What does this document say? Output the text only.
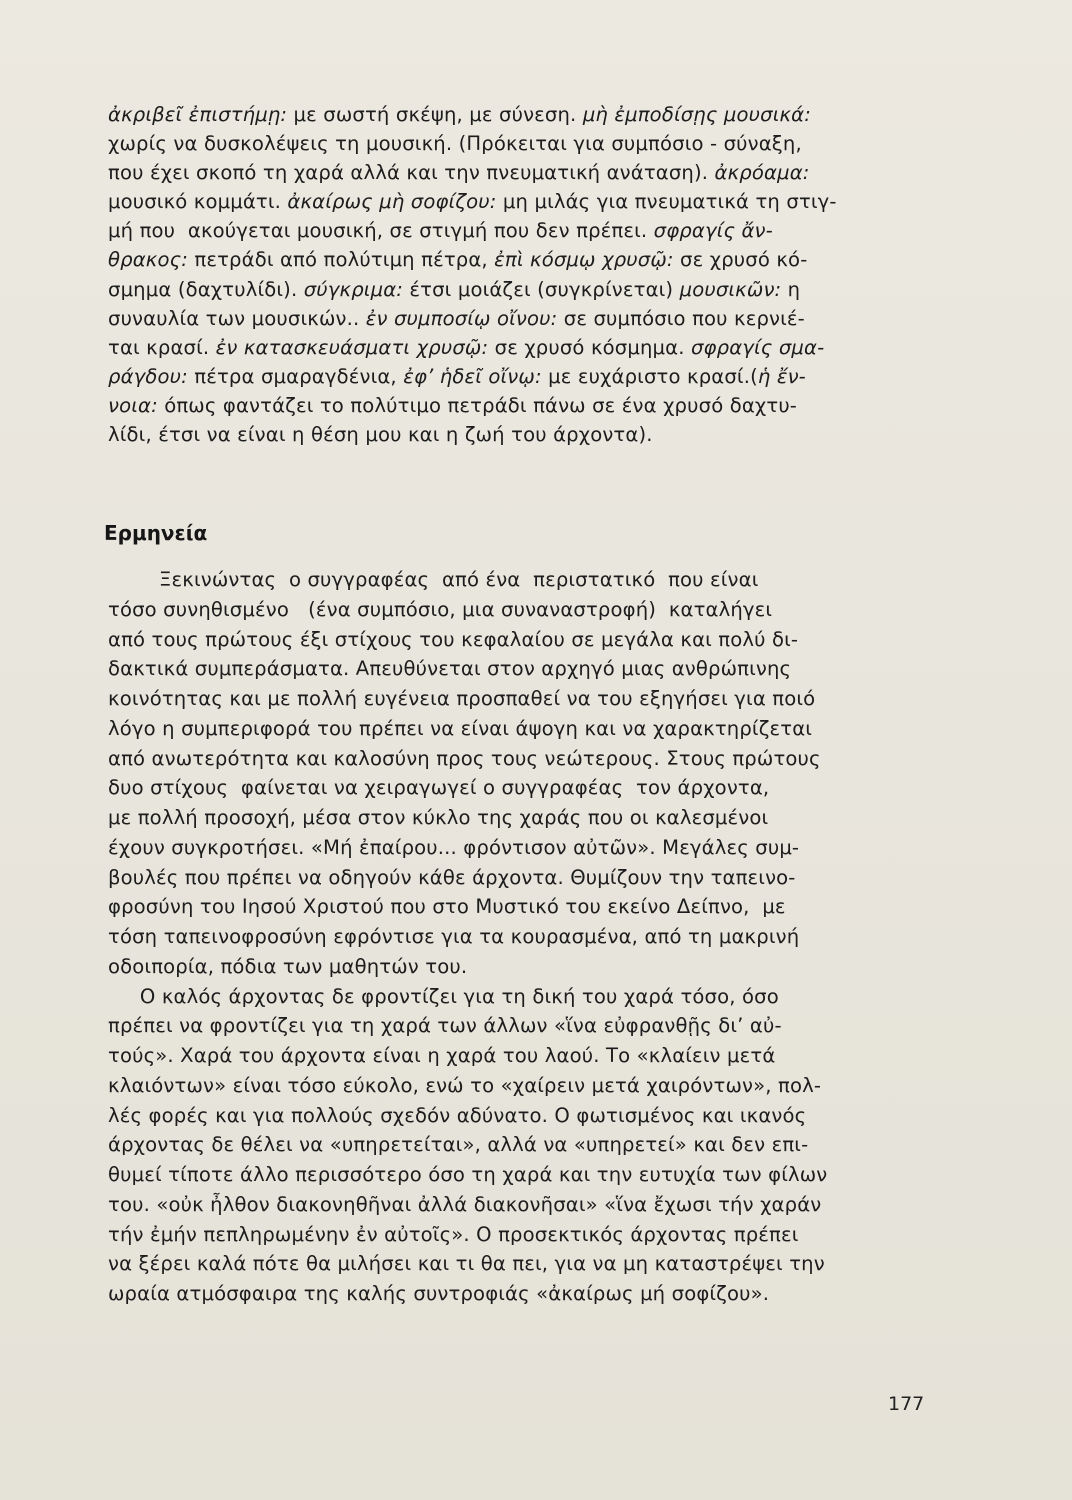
ἀκριβεῖ ἐπιστήμῃ: με σωστή σκέψη, με σύνεση. μὴ ἐμποδίσῃς μουσικά:
χωρίς να δυσκολέψεις τη μουσική. (Πρόκειται για συμπόσιο - σύναξη,
που έχει σκοπό τη χαρά αλλά και την πνευματική ανάταση). ἀκρόαμα:
μουσικό κομμάτι. ἀκαίρως μὴ σοφίζου: μη μιλάς για πνευματικά τη στιγ-
μή που  ακούγεται μουσική, σε στιγμή που δεν πρέπει. σφραγίς ἄν-
θρακος: πετράδι από πολύτιμη πέτρα, ἐπὶ κόσμῳ χρυσῷ: σε χρυσό κό-
σμημα (δαχτυλίδι). σύγκριμα: έτσι μοιάζει (συγκρίνεται) μουσικῶν: η
συναυλία των μουσικών.. ἐν συμποσίῳ οἴνου: σε συμπόσιο που κερνιέ-
ται κρασί. ἐν κατασκευάσματι χρυσῷ: σε χρυσό κόσμημα. σφραγίς σμα-
ράγδου: πέτρα σμαραγδένια, ἐφ’ ἡδεῖ οἴνῳ: με ευχάριστο κρασί.(ἡ ἔν-
νοια: όπως φαντάζει το πολύτιμο πετράδι πάνω σε ένα χρυσό δαχτυ-
λίδι, έτσι να είναι η θέση μου και η ζωή του άρχοντα).
Ερμηνεία
Ξεκινώντας  ο συγγραφέας  από ένα  περιστατικό  που είναι
τόσο συνηθισμένο   (ένα συμπόσιο, μια συναναστροφή)  καταλήγει
από τους πρώτους έξι στίχους του κεφαλαίου σε μεγάλα και πολύ δι-
δακτικά συμπεράσματα. Απευθύνεται στον αρχηγό μιας ανθρώπινης
κοινότητας και με πολλή ευγένεια προσπαθεί να του εξηγήσει για ποιό
λόγο η συμπεριφορά του πρέπει να είναι άψογη και να χαρακτηρίζεται
από ανωτερότητα και καλοσύνη προς τους νεώτερους. Στους πρώτους
δυο στίχους  φαίνεται να χειραγωγεί ο συγγραφέας  τον άρχοντα,
με πολλή προσοχή, μέσα στον κύκλο της χαράς που οι καλεσμένοι
έχουν συγκροτήσει. «Μή ἐπαίρου... φρόντισον αὐτῶν». Μεγάλες συμ-
βουλές που πρέπει να οδηγούν κάθε άρχοντα. Θυμίζουν την ταπεινο-
φροσύνη του Ιησού Χριστού που στο Μυστικό του εκείνο Δείπνο,  με
τόση ταπεινοφροσύνη εφρόντισε για τα κουρασμένα, από τη μακρινή
οδοιπορία, πόδια των μαθητών του.
Ο καλός άρχοντας δε φροντίζει για τη δική του χαρά τόσο, όσο
πρέπει να φροντίζει για τη χαρά των άλλων «ἵνα εὐφρανθῇς δι’ αὐ-
τούς». Χαρά του άρχοντα είναι η χαρά του λαού. Το «κλαίειν μετά
κλαιόντων» είναι τόσο εύκολο, ενώ το «χαίρειν μετά χαιρόντων», πολ-
λές φορές και για πολλούς σχεδόν αδύνατο. Ο φωτισμένος και ικανός
άρχοντας δε θέλει να «υπηρετείται», αλλά να «υπηρετεί» και δεν επι-
θυμεί τίποτε άλλο περισσότερο όσο τη χαρά και την ευτυχία των φίλων
του. «οὐκ ἦλθον διακονηθῆναι ἀλλά διακονῆσαι» «ἵνα ἔχωσι τήν χαράν
τήν ἐμήν πεπληρωμένην ἐν αὐτοῖς». Ο προσεκτικός άρχοντας πρέπει
να ξέρει καλά πότε θα μιλήσει και τι θα πει, για να μη καταστρέψει την
ωραία ατμόσφαιρα της καλής συντροφιάς «ἀκαίρως μή σοφίζου».
177
